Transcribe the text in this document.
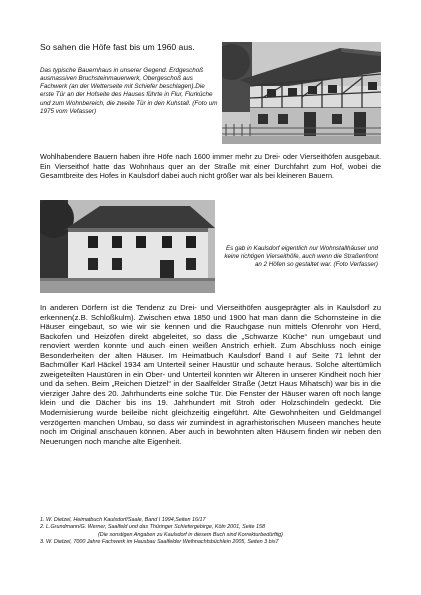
So sahen die Höfe fast bis um 1960 aus.
Das typische Bauernhaus in unserer Gegend. Erdgeschoß ausmassiven Bruchsteinmauerwerk, Obergeschoß aus Fachwerk (an der Wetterseite mit Schiefer beschlagen).Die erste Tür an der Hofseite des Hauses führte in Flur, Flurküche und zum Wohnbereich, die zweite Tür in den Kuhstall. (Foto um 1975 vom Vefasser)
Wohlhabendere Bauern haben ihre Höfe nach 1600 immer mehr zu Drei- oder Vierseithöfen ausgebaut. Ein Vierseithof hatte das Wohnhaus quer an der Straße mit einer Durchfahrt zum Hof, wobei die Gesamtbreite des Hofes in Kaulsdorf dabei auch nicht größer war als bei kleineren Bauern.
Es gab in Kaulsdorf eigentlich nur Wohnstallhäuser und keine richtigen Vierseithöfe, auch wenn die Straßenfront an 2 Höfen so gestaltet war. (Foto Verfasser)
In anderen Dörfern ist die Tendenz zu Drei- und Vierseithöfen ausgeprägter als in Kaulsdorf zu erkennen(z.B. Schloßkulm). Zwischen etwa 1850 und 1900 hat man dann die Schornsteine in die Häuser eingebaut, so wie wir sie kennen und die Rauchgase nun mittels Ofenrohr von Herd, Backofen und Heizöfen direkt abgeleitet, so dass die „Schwarze Küche“ nun umgebaut und renoviert werden konnte und auch einen weißen Anstrich erhielt. Zum Abschluss noch einige Besonderheiten der alten Häuser. Im Heimatbuch Kaulsdorf Band I auf Seite 71 lehnt der Bachmüller Karl Häckel 1934 am Unterteil seiner Haustür und schaute heraus. Solche altertümlich zweigeteilten Haustüren in ein Ober- und Unterteil konnten wir Älteren in unserer Kindheit noch hier und da sehen. Beim „Reichen Dietzel“ in der Saalfelder Straße (Jetzt Haus Mihatsch) war bis in die vierziger Jahre des 20. Jahrhunderts eine solche Tür. Die Fenster der Häuser waren oft noch lange klein und die Dächer bis ins 19. Jahrhundert mit Stroh oder Holzschindeln gedeckt. Die Modernisierung wurde beileibe nicht gleichzeitig eingeführt. Alte Gewohnheiten und Geldmangel verzögerten manchen Umbau, so dass wir zumindest in agrarhistorischen Museen manches heute noch im Original anschauen können. Aber auch in bewohnten alten Häusern finden wir neben den Neuerungen noch manche alte Eigenheit.
1. W. Dietzel, Heimatbuch Kaulsdorf/Saale, Band I 1994,Seiten 16/17
2. L.Grundmann/G. Werner, Saalfeld und das Thüringer Schiefergebirge, Köln 2001, Seite 158
(Die sonstigen Angaben zu Kaulsdorf in diesem Buch sind Korrekturbedürftig)
3. W. Dietzel, 7000 Jahre Fachwerk im Hausbau Saalfelder Weihnachtsbüchlein 2005, Seiten 3 bis7
